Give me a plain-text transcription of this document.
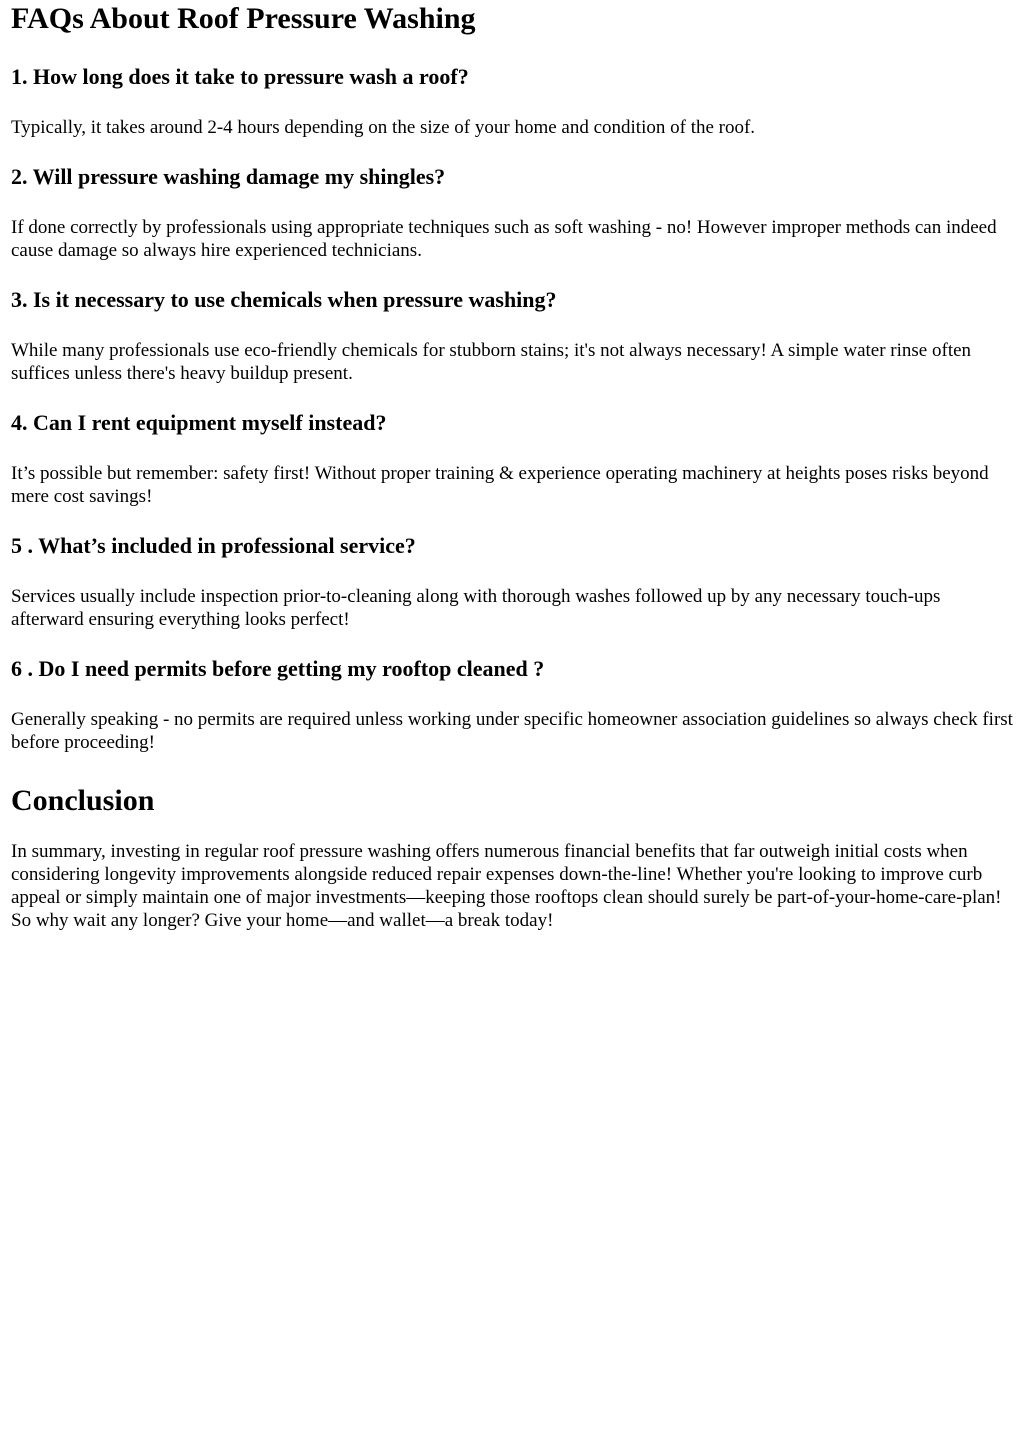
FAQs About Roof Pressure Washing
1. How long does it take to pressure wash a roof?

Typically, it takes around 2-4 hours depending on the size of your home and condition of the roof.

2. Will pressure washing damage my shingles?

If done correctly by professionals using appropriate techniques such as soft washing - no! However improper methods can indeed cause damage so always hire experienced technicians.

3. Is it necessary to use chemicals when pressure washing?

While many professionals use eco-friendly chemicals for stubborn stains; it's not always necessary! A simple water rinse often suffices unless there's heavy buildup present.

4. Can I rent equipment myself instead?

It’s possible but remember: safety first! Without proper training & experience operating machinery at heights poses risks beyond mere cost savings!

5 . What’s included in professional service?

Services usually include inspection prior-to-cleaning along with thorough washes followed up by any necessary touch-ups afterward ensuring everything looks perfect!

6 . Do I need permits before getting my rooftop cleaned ?

Generally speaking - no permits are required unless working under specific homeowner association guidelines so always check first before proceeding!

Conclusion

In summary, investing in regular roof pressure washing offers numerous financial benefits that far outweigh initial costs when considering longevity improvements alongside reduced repair expenses down-the-line! Whether you're looking to improve curb appeal or simply maintain one of major investments—keeping those rooftops clean should surely be part-of-your-home-care-plan! So why wait any longer? Give your home—and wallet—a break today!
